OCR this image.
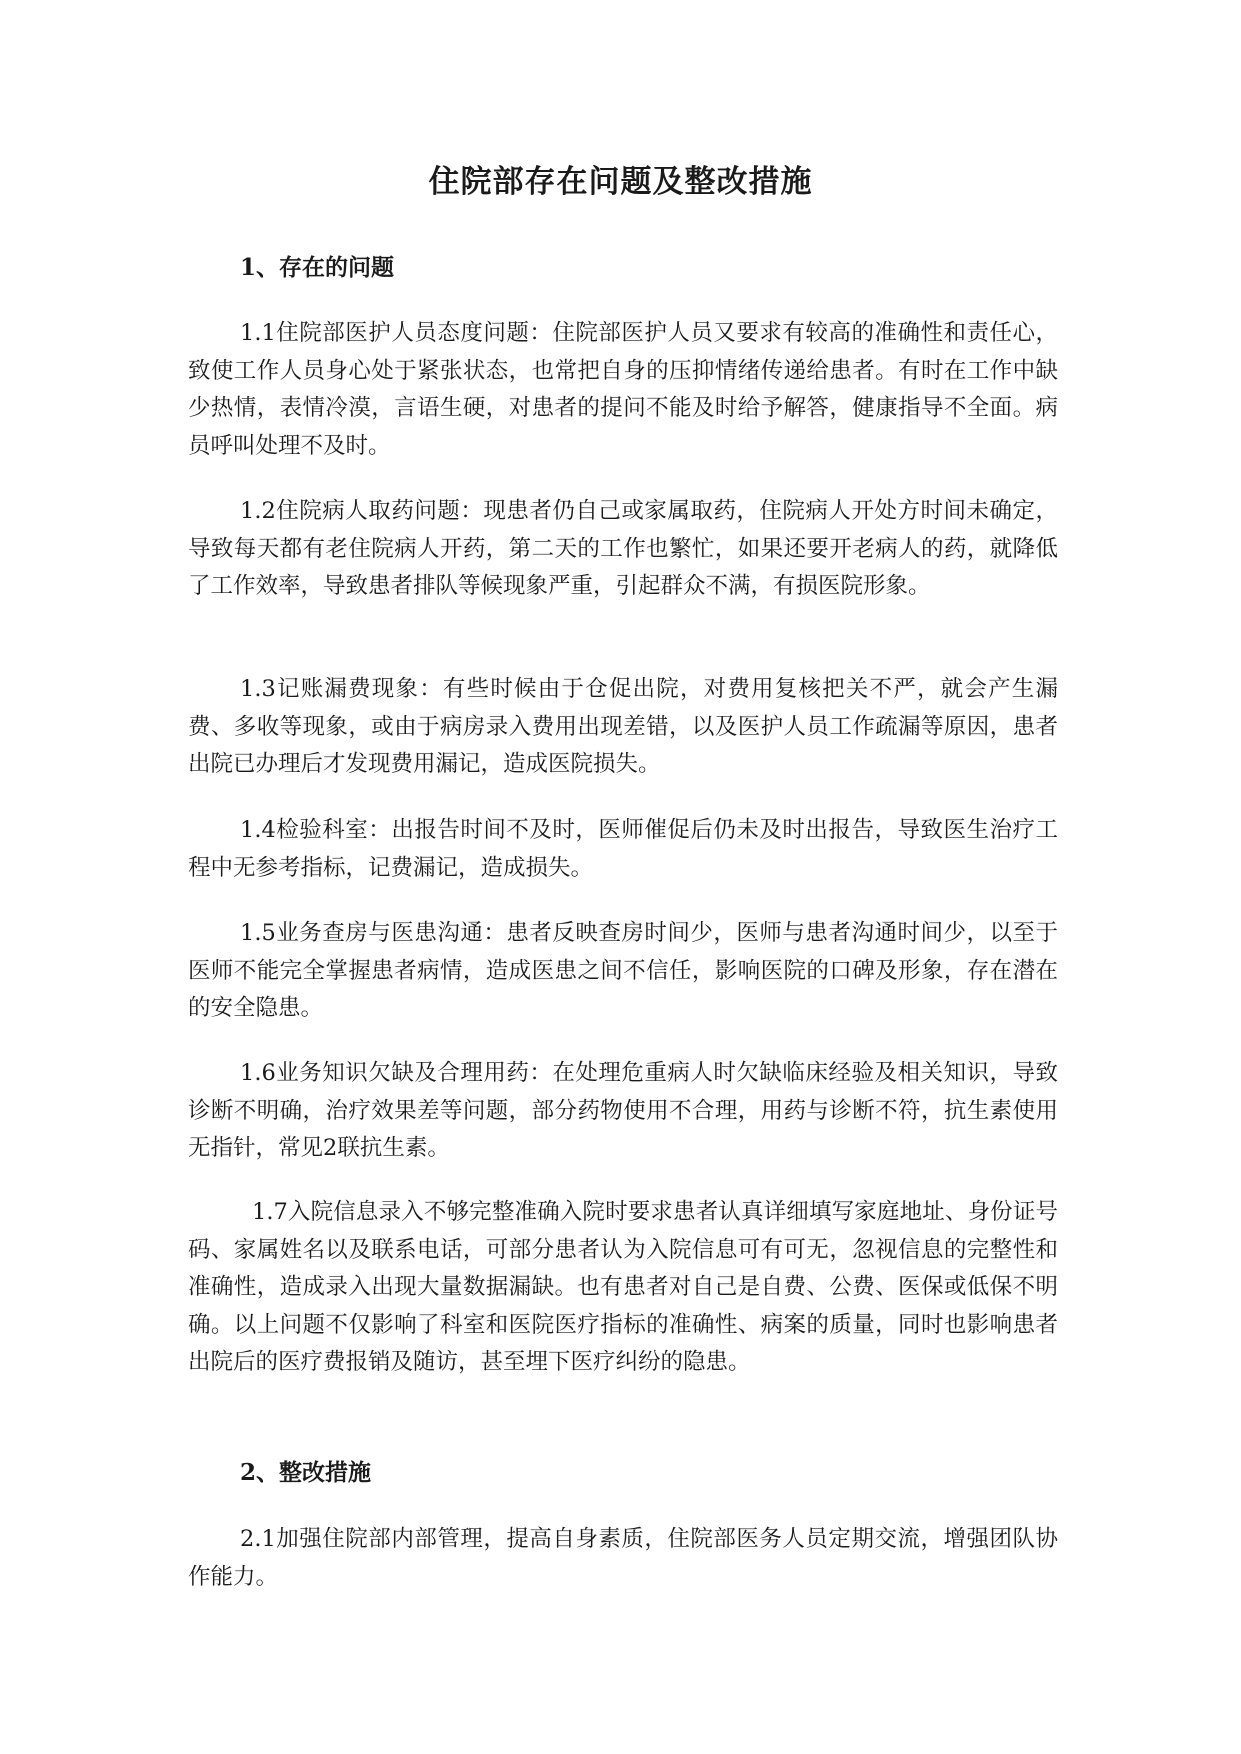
住院部存在问题及整改措施
1、存在的问题

1.1住院部医护人员态度问题：住院部医护人员又要求有较高的准确性和责任心，致使工作人员身心处于紧张状态，也常把自身的压抑情绪传递给患者。有时在工作中缺少热情，表情冷漠，言语生硬，对患者的提问不能及时给予解答，健康指导不全面。病员呼叫处理不及时。

1.2住院病人取药问题：现患者仍自己或家属取药，住院病人开处方时间未确定，导致每天都有老住院病人开药，第二天的工作也繁忙，如果还要开老病人的药，就降低了工作效率，导致患者排队等候现象严重，引起群众不满，有损医院形象。

1.3记账漏费现象：有些时候由于仓促出院，对费用复核把关不严，就会产生漏费、多收等现象，或由于病房录入费用出现差错，以及医护人员工作疏漏等原因，患者出院已办理后才发现费用漏记，造成医院损失。

1.4检验科室：出报告时间不及时，医师催促后仍未及时出报告，导致医生治疗工程中无参考指标，记费漏记，造成损失。

1.5业务查房与医患沟通：患者反映查房时间少，医师与患者沟通时间少，以至于医师不能完全掌握患者病情，造成医患之间不信任，影响医院的口碑及形象，存在潜在的安全隐患。

1.6业务知识欠缺及合理用药：在处理危重病人时欠缺临床经验及相关知识，导致诊断不明确，治疗效果差等问题，部分药物使用不合理，用药与诊断不符，抗生素使用无指针，常见2联抗生素。

1.7入院信息录入不够完整准确入院时要求患者认真详细填写家庭地址、身份证号码、家属姓名以及联系电话，可部分患者认为入院信息可有可无，忽视信息的完整性和准确性，造成录入出现大量数据漏缺。也有患者对自己是自费、公费、医保或低保不明确。以上问题不仅影响了科室和医院医疗指标的准确性、病案的质量，同时也影响患者出院后的医疗费报销及随访，甚至埋下医疗纠纷的隐患。

2、整改措施

2.1加强住院部内部管理，提高自身素质，住院部医务人员定期交流，增强团队协作能力。
